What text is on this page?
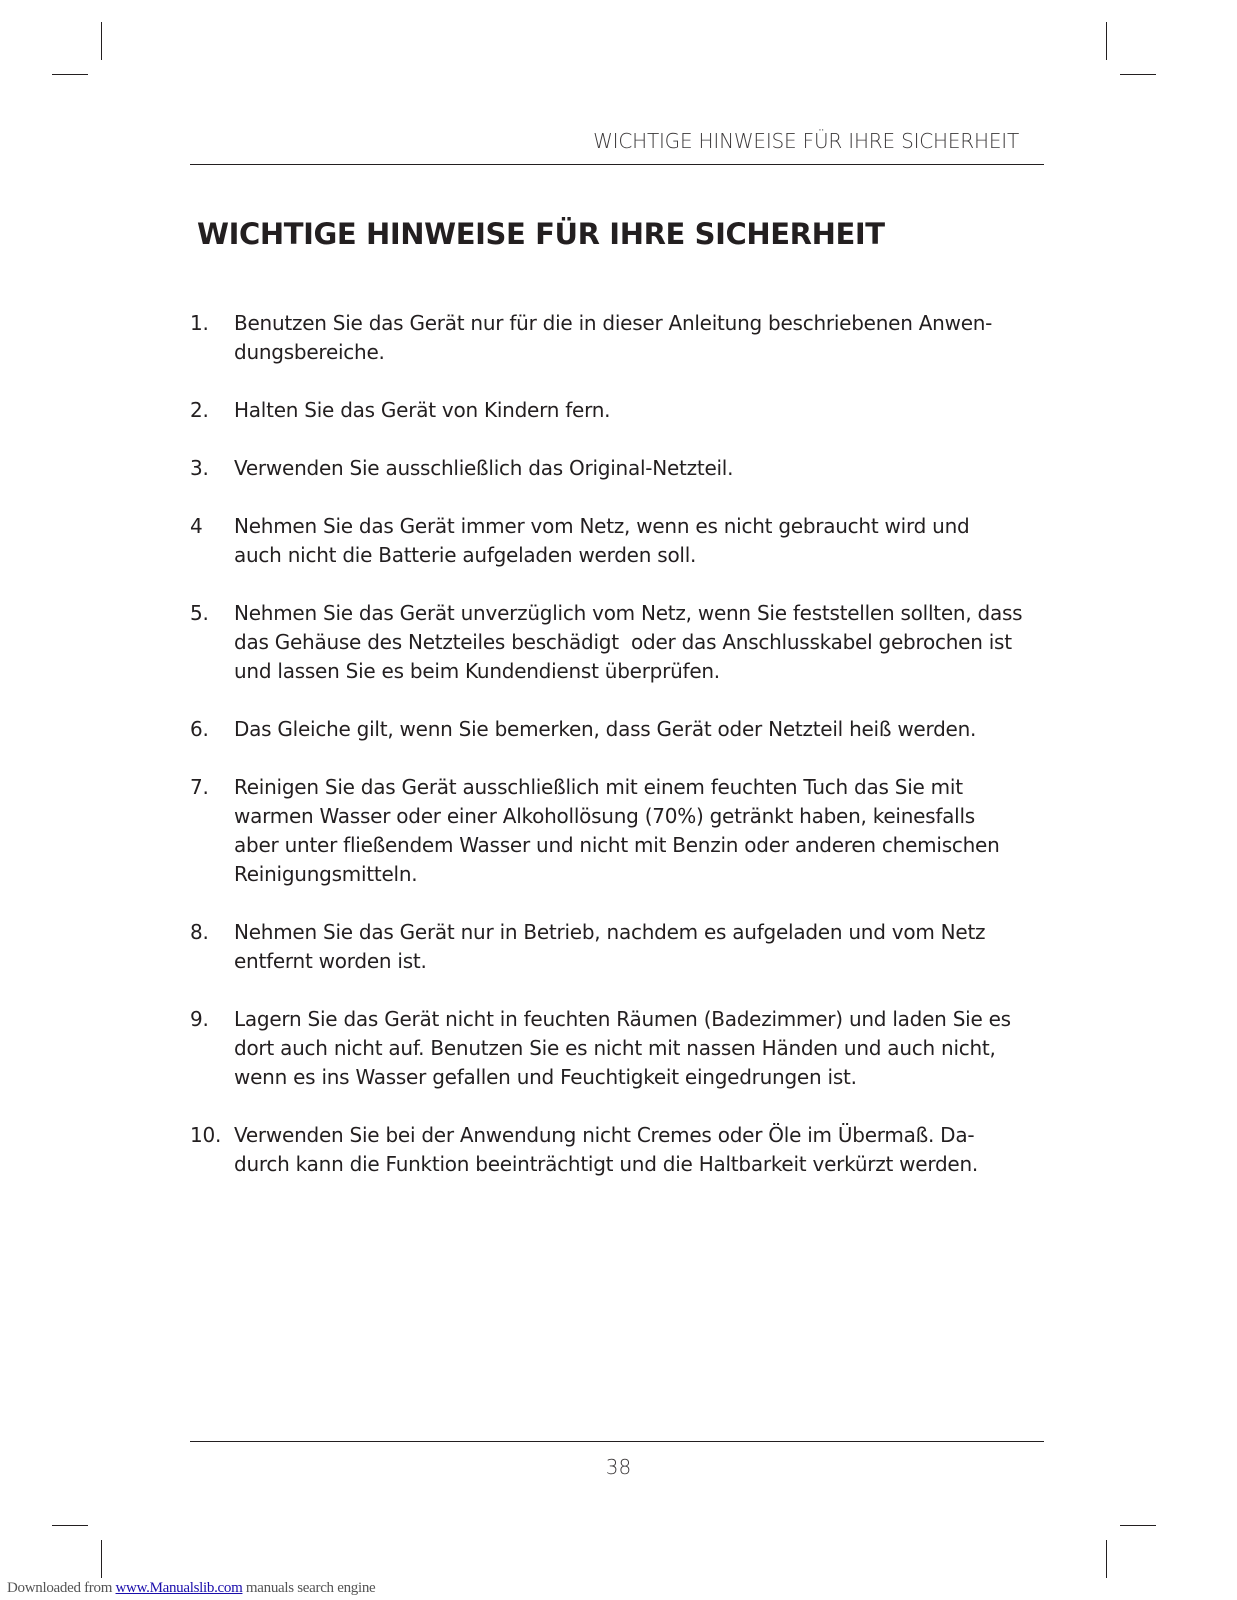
WICHTIGE HINWEISE FÜR IHRE SICHERHEIT
WICHTIGE HINWEISE FÜR IHRE SICHERHEIT
1. Benutzen Sie das Gerät nur für die in dieser Anleitung beschriebenen Anwen-
dungsbereiche.
2. Halten Sie das Gerät von Kindern fern.
3. Verwenden Sie ausschließlich das Original-Netzteil.
4 Nehmen Sie das Gerät immer vom Netz, wenn es nicht gebraucht wird und
auch nicht die Batterie aufgeladen werden soll.
5. Nehmen Sie das Gerät unverzüglich vom Netz, wenn Sie feststellen sollten, dass
das Gehäuse des Netzteiles beschädigt  oder das Anschlusskabel gebrochen ist
und lassen Sie es beim Kundendienst überprüfen.
6. Das Gleiche gilt, wenn Sie bemerken, dass Gerät oder Netzteil heiß werden.
7. Reinigen Sie das Gerät ausschließlich mit einem feuchten Tuch das Sie mit
warmen Wasser oder einer Alkohollösung (70%) getränkt haben, keinesfalls
aber unter fließendem Wasser und nicht mit Benzin oder anderen chemischen
Reinigungsmitteln.
8. Nehmen Sie das Gerät nur in Betrieb, nachdem es aufgeladen und vom Netz
entfernt worden ist.
9. Lagern Sie das Gerät nicht in feuchten Räumen (Badezimmer) und laden Sie es
dort auch nicht auf. Benutzen Sie es nicht mit nassen Händen und auch nicht,
wenn es ins Wasser gefallen und Feuchtigkeit eingedrungen ist.
10. Verwenden Sie bei der Anwendung nicht Cremes oder Öle im Übermaß. Da-
durch kann die Funktion beeinträchtigt und die Haltbarkeit verkürzt werden.
38
Downloaded from www.Manualslib.com manuals search engine
